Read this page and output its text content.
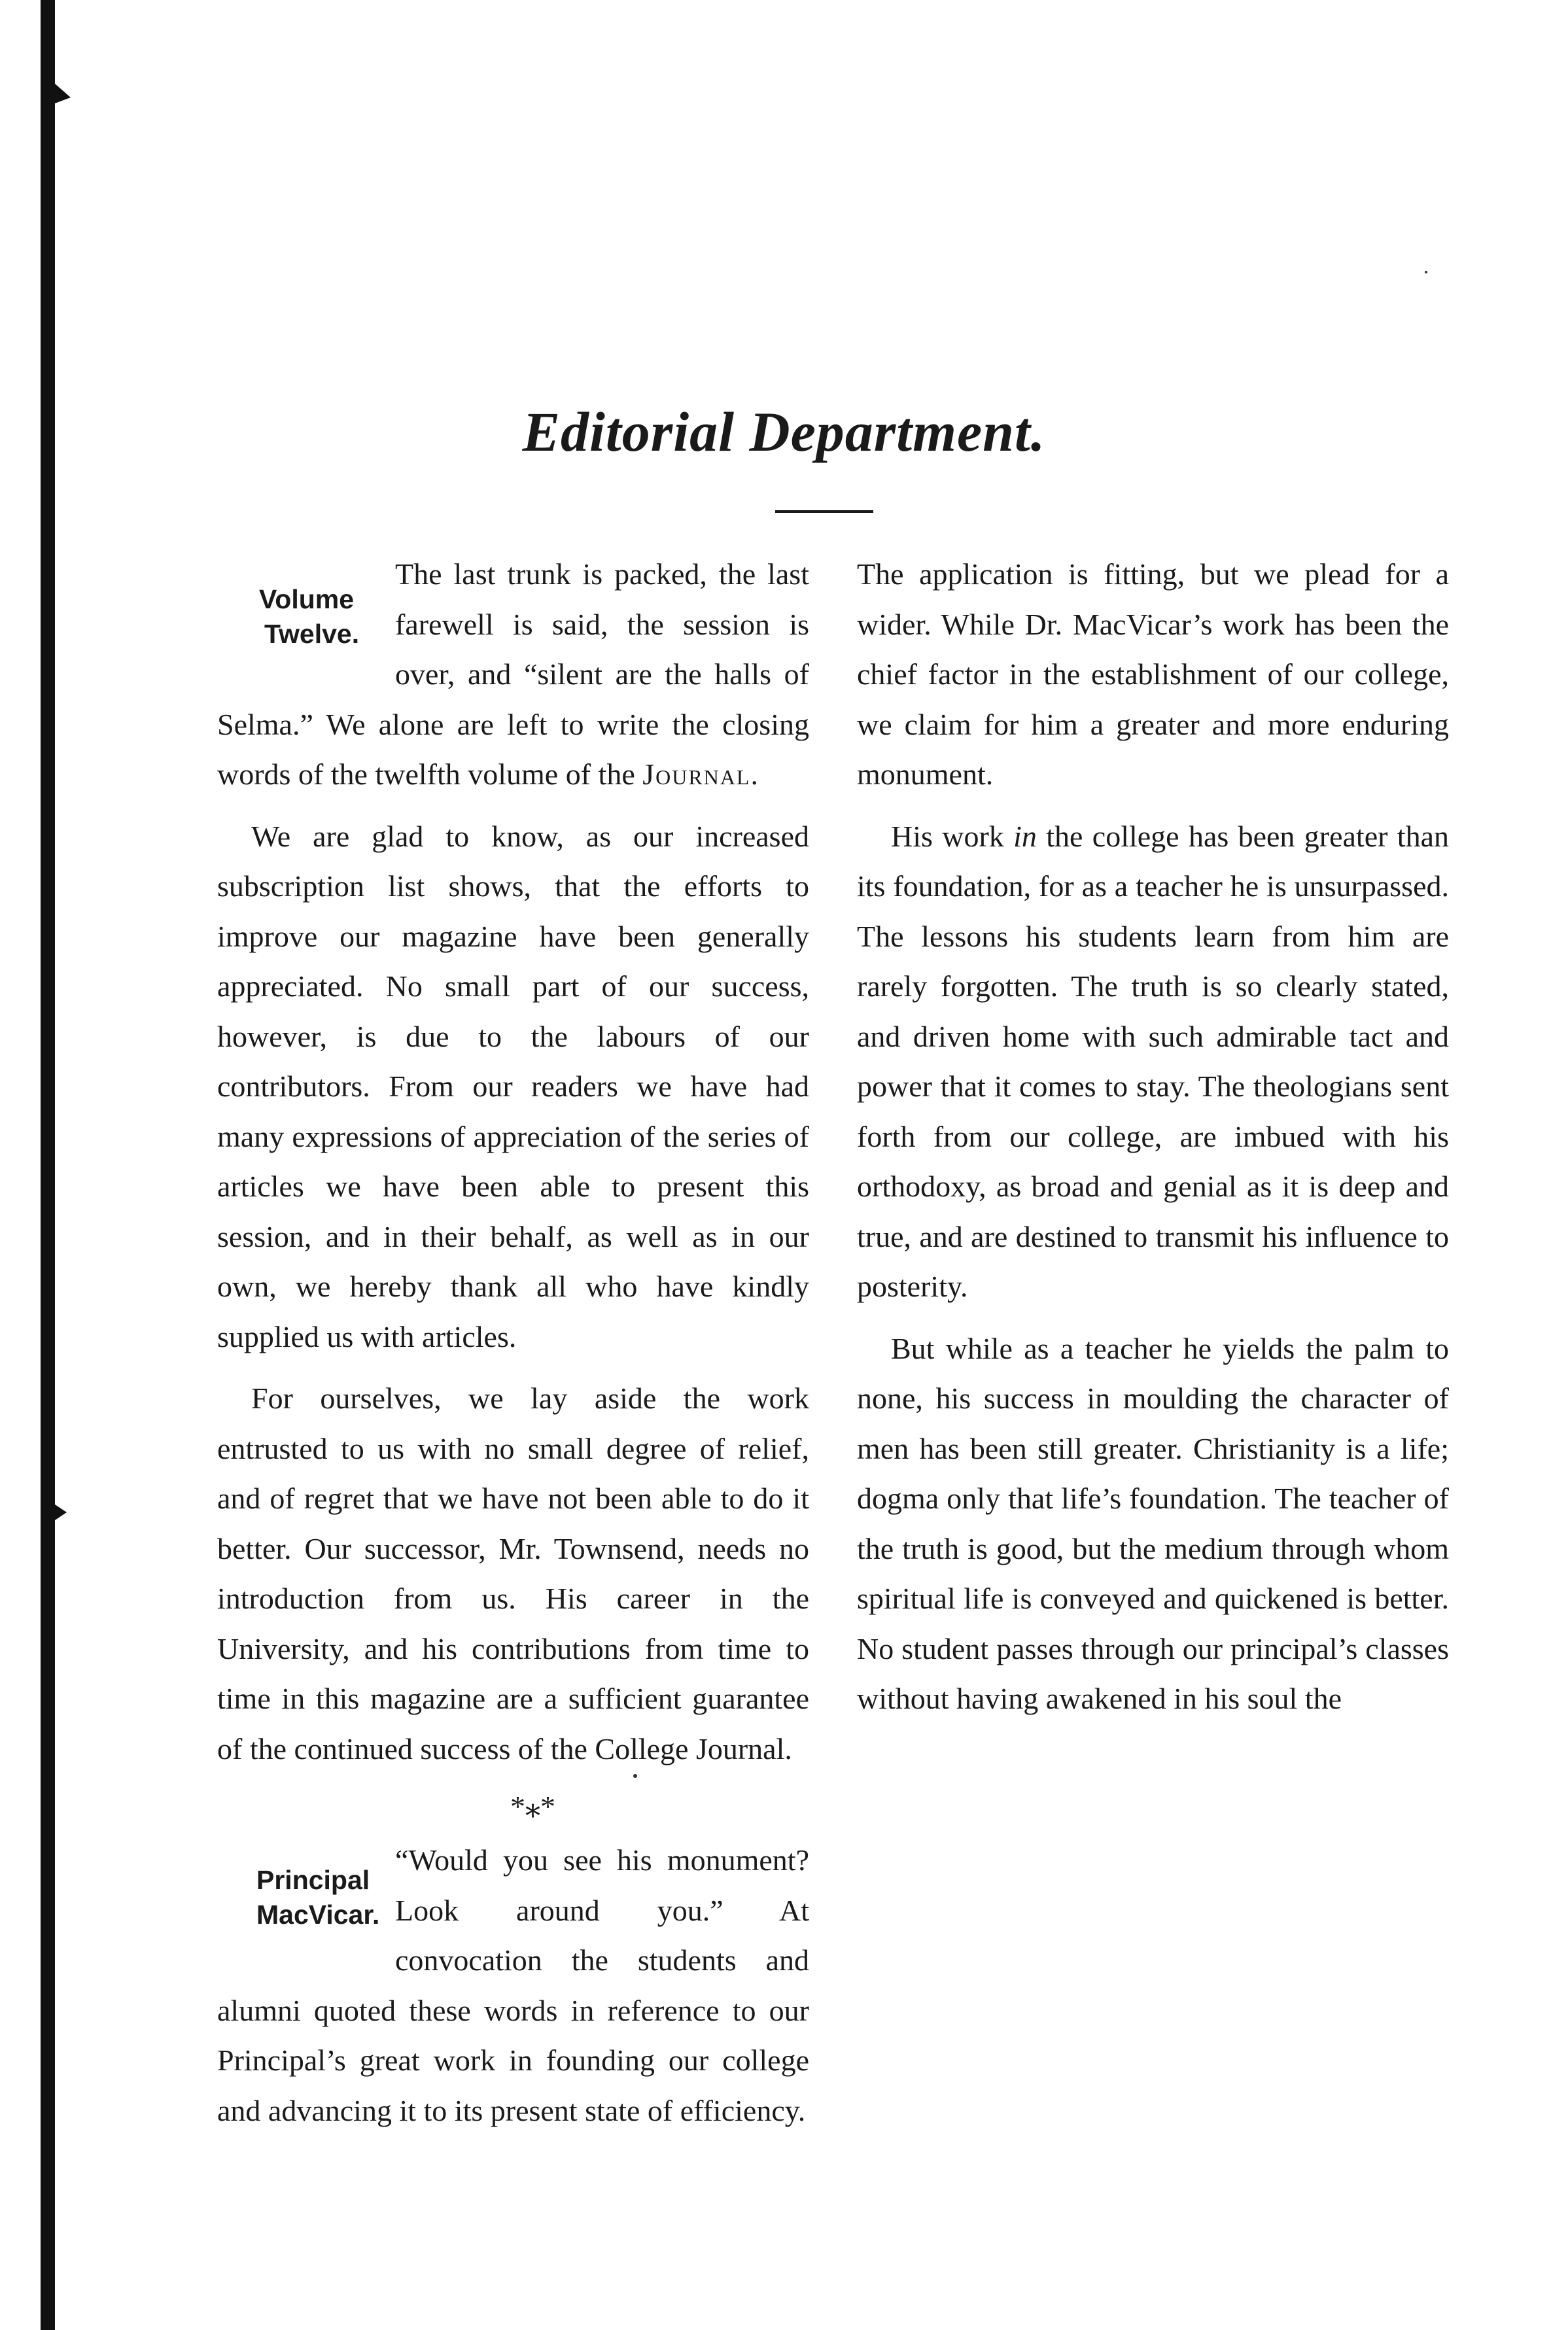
Editorial Department.
Volume
Twelve.

The last trunk is packed, the last farewell is said, the session is over, and “silent are the halls of Selma.” We alone are left to write the closing words of the twelfth volume of the Journal.

We are glad to know, as our increased subscription list shows, that the efforts to improve our magazine have been generally appreciated. No small part of our success, however, is due to the labours of our contributors. From our readers we have had many expressions of appreciation of the series of articles we have been able to present this session, and in their behalf, as well as in our own, we hereby thank all who have kindly supplied us with articles.

For ourselves, we lay aside the work entrusted to us with no small degree of relief, and of regret that we have not been able to do it better. Our successor, Mr. Townsend, needs no introduction from us. His career in the University, and his contributions from time to time in this magazine are a sufficient guarantee of the continued success of the College Journal.

*⁎*
Principal
MacVicar.

“Would you see his monument? Look around you.” At convocation the students and alumni quoted these words in reference to our Principal’s great work in founding our college and advancing it to its present state of efficiency.

The application is fitting, but we plead for a wider. While Dr. MacVicar’s work has been the chief factor in the establishment of our college, we claim for him a greater and more enduring monument.

His work in the college has been greater than its foundation, for as a teacher he is unsurpassed. The lessons his students learn from him are rarely forgotten. The truth is so clearly stated, and driven home with such admirable tact and power that it comes to stay. The theologians sent forth from our college, are imbued with his orthodoxy, as broad and genial as it is deep and true, and are destined to transmit his influence to posterity.

But while as a teacher he yields the palm to none, his success in moulding the character of men has been still greater. Christianity is a life; dogma only that life’s foundation. The teacher of the truth is good, but the medium through whom spiritual life is conveyed and quickened is better. No student passes through our principal’s classes without having awakened in his soul the
